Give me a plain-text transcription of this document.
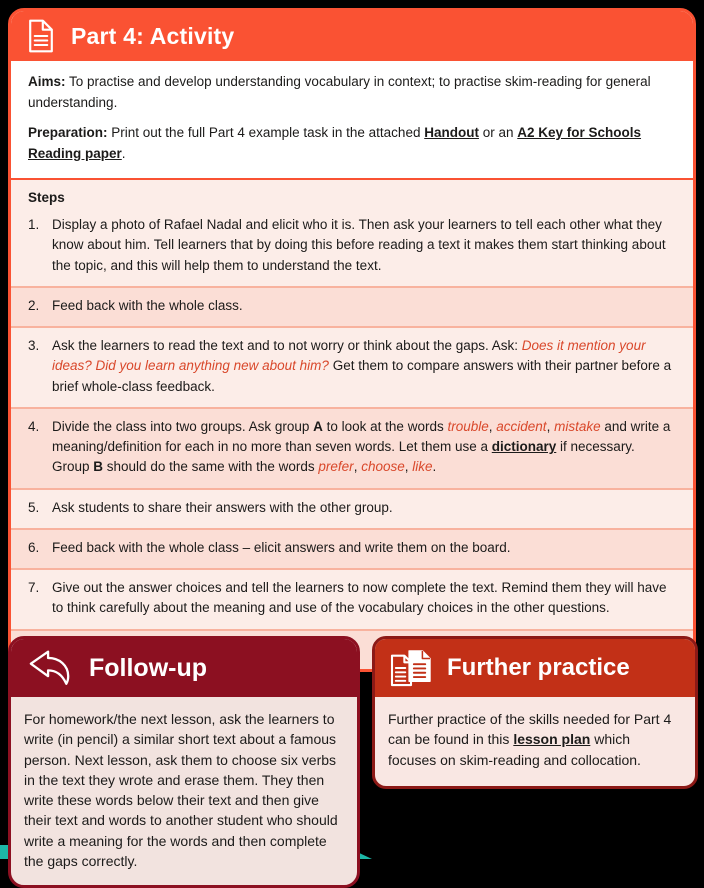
Part 4: Activity

Aims: To practise and develop understanding vocabulary in context; to practise skim-reading for general understanding.

Preparation: Print out the full Part 4 example task in the attached Handout or an A2 Key for Schools Reading paper.

Steps
1. Display a photo of Rafael Nadal and elicit who it is. Then ask your learners to tell each other what they know about him. Tell learners that by doing this before reading a text it makes them start thinking about the topic, and this will help them to understand the text.
2. Feed back with the whole class.
3. Ask the learners to read the text and to not worry or think about the gaps. Ask: Does it mention your ideas? Did you learn anything new about him? Get them to compare answers with their partner before a brief whole-class feedback.
4. Divide the class into two groups. Ask group A to look at the words trouble, accident, mistake and write a meaning/definition for each in no more than seven words. Let them use a dictionary if necessary. Group B should do the same with the words prefer, choose, like.
5. Ask students to share their answers with the other group.
6. Feed back with the whole class – elicit answers and write them on the board.
7. Give out the answer choices and tell the learners to now complete the text. Remind them they will have to think carefully about the meaning and use of the vocabulary choices in the other questions.
Follow-up
For homework/the next lesson, ask the learners to write (in pencil) a similar short text about a famous person. Next lesson, ask them to choose six verbs in the text they wrote and erase them. They then write these words below their text and then give their text and words to another student who should write a meaning for the words and then complete the gaps correctly.
Further practice
Further practice of the skills needed for Part 4 can be found in this lesson plan which focuses on skim-reading and collocation.
